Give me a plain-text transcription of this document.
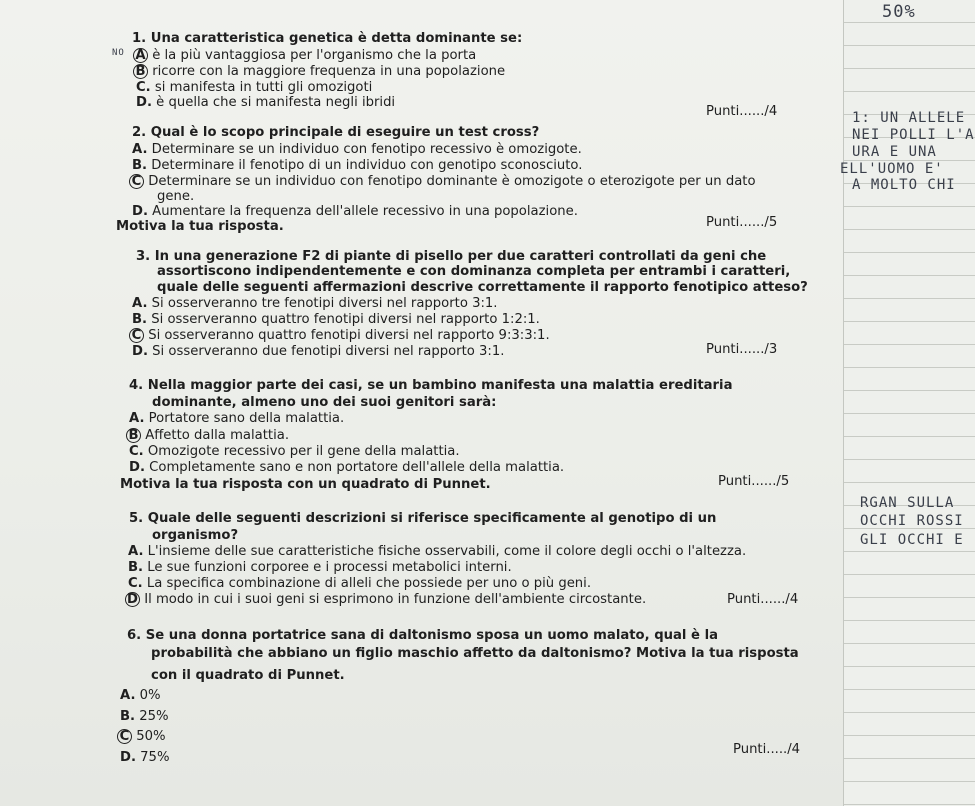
50%
NO
1: UN ALLELE
NEI POLLI L'A
URA E UNA
ELL'UOMO E'
A MOLTO CHI
RGAN SULLA
OCCHI ROSSI
GLI OCCHI E
1. Una caratteristica genetica è detta dominante se:
A è la più vantaggiosa per l'organismo che la porta
B ricorre con la maggiore frequenza in una popolazione
C. si manifesta in tutti gli omozigoti
D. è quella che si manifesta negli ibridi
Punti....../4
2. Qual è lo scopo principale di eseguire un test cross?
A. Determinare se un individuo con fenotipo recessivo è omozigote.
B. Determinare il fenotipo di un individuo con genotipo sconosciuto.
C Determinare se un individuo con fenotipo dominante è omozigote o eterozigote per un dato
gene.
D. Aumentare la frequenza dell'allele recessivo in una popolazione.
Motiva la tua risposta.	Punti....../5
3. In una generazione F2 di piante di pisello per due caratteri controllati da geni che
assortiscono indipendentemente e con dominanza completa per entrambi i caratteri,
quale delle seguenti affermazioni descrive correttamente il rapporto fenotipico atteso?
A. Si osserveranno tre fenotipi diversi nel rapporto 3:1.
B. Si osserveranno quattro fenotipi diversi nel rapporto 1:2:1.
C Si osserveranno quattro fenotipi diversi nel rapporto 9:3:3:1.
D. Si osserveranno due fenotipi diversi nel rapporto 3:1.	Punti....../3
4. Nella maggior parte dei casi, se un bambino manifesta una malattia ereditaria
dominante, almeno uno dei suoi genitori sarà:
A. Portatore sano della malattia.
B Affetto dalla malattia.
C. Omozigote recessivo per il gene della malattia.
D. Completamente sano e non portatore dell'allele della malattia.
Motiva la tua risposta con un quadrato di Punnet.	Punti....../5
5. Quale delle seguenti descrizioni si riferisce specificamente al genotipo di un
organismo?
A. L'insieme delle sue caratteristiche fisiche osservabili, come il colore degli occhi o l'altezza.
B. Le sue funzioni corporee e i processi metabolici interni.
C. La specifica combinazione di alleli che possiede per uno o più geni.
D Il modo in cui i suoi geni si esprimono in funzione dell'ambiente circostante.	Punti....../4
6. Se una donna portatrice sana di daltonismo sposa un uomo malato, qual è la
probabilità che abbiano un figlio maschio affetto da daltonismo? Motiva la tua risposta
con il quadrato di Punnet.
A. 0%
B. 25%
C 50%
D. 75%
Punti...../4
